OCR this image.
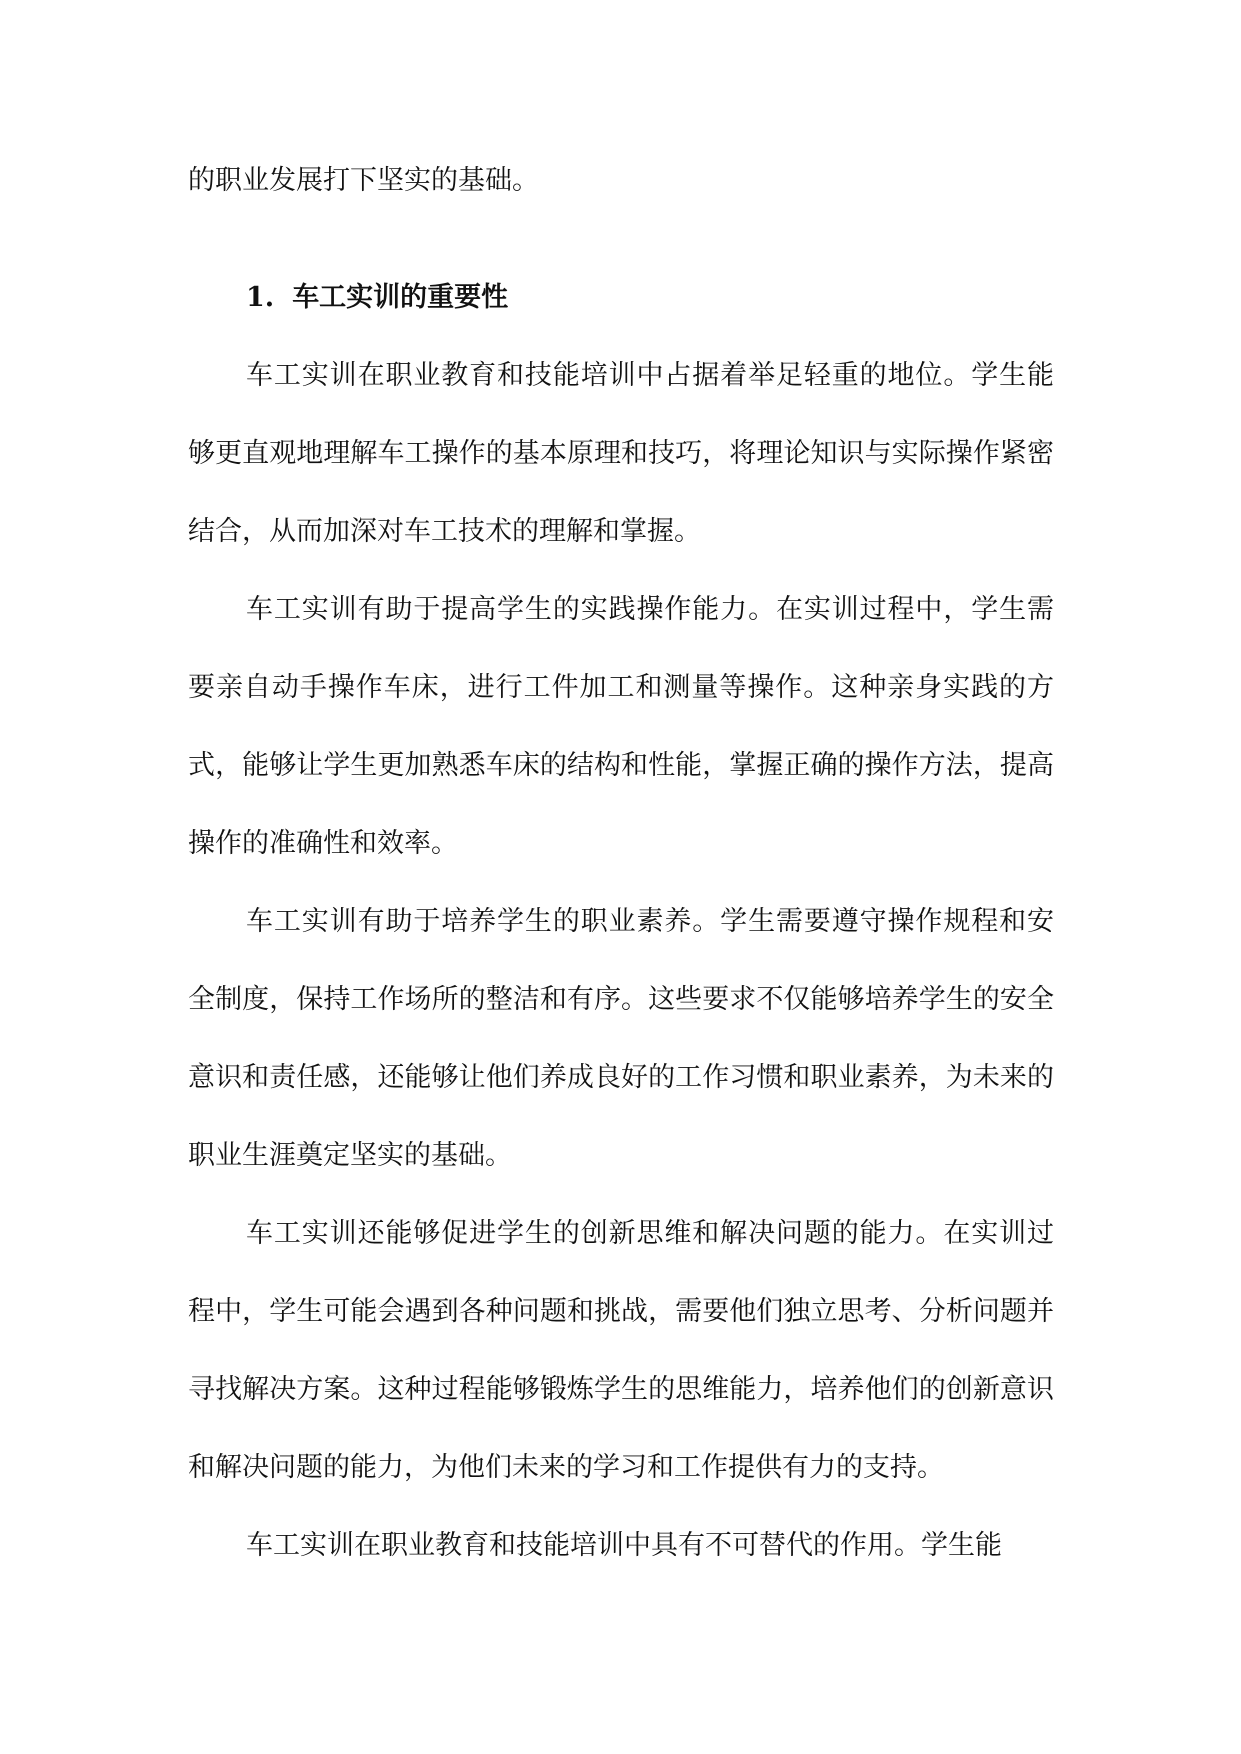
的职业发展打下坚实的基础。

1. 车工实训的重要性

车工实训在职业教育和技能培训中占据着举足轻重的地位。学生能够更直观地理解车工操作的基本原理和技巧，将理论知识与实际操作紧密结合，从而加深对车工技术的理解和掌握。

车工实训有助于提高学生的实践操作能力。在实训过程中，学生需要亲自动手操作车床，进行工件加工和测量等操作。这种亲身实践的方式，能够让学生更加熟悉车床的结构和性能，掌握正确的操作方法，提高操作的准确性和效率。

车工实训有助于培养学生的职业素养。学生需要遵守操作规程和安全制度，保持工作场所的整洁和有序。这些要求不仅能够培养学生的安全意识和责任感，还能够让他们养成良好的工作习惯和职业素养，为未来的职业生涯奠定坚实的基础。

车工实训还能够促进学生的创新思维和解决问题的能力。在实训过程中，学生可能会遇到各种问题和挑战，需要他们独立思考、分析问题并寻找解决方案。这种过程能够锻炼学生的思维能力，培养他们的创新意识和解决问题的能力，为他们未来的学习和工作提供有力的支持。

车工实训在职业教育和技能培训中具有不可替代的作用。学生能
